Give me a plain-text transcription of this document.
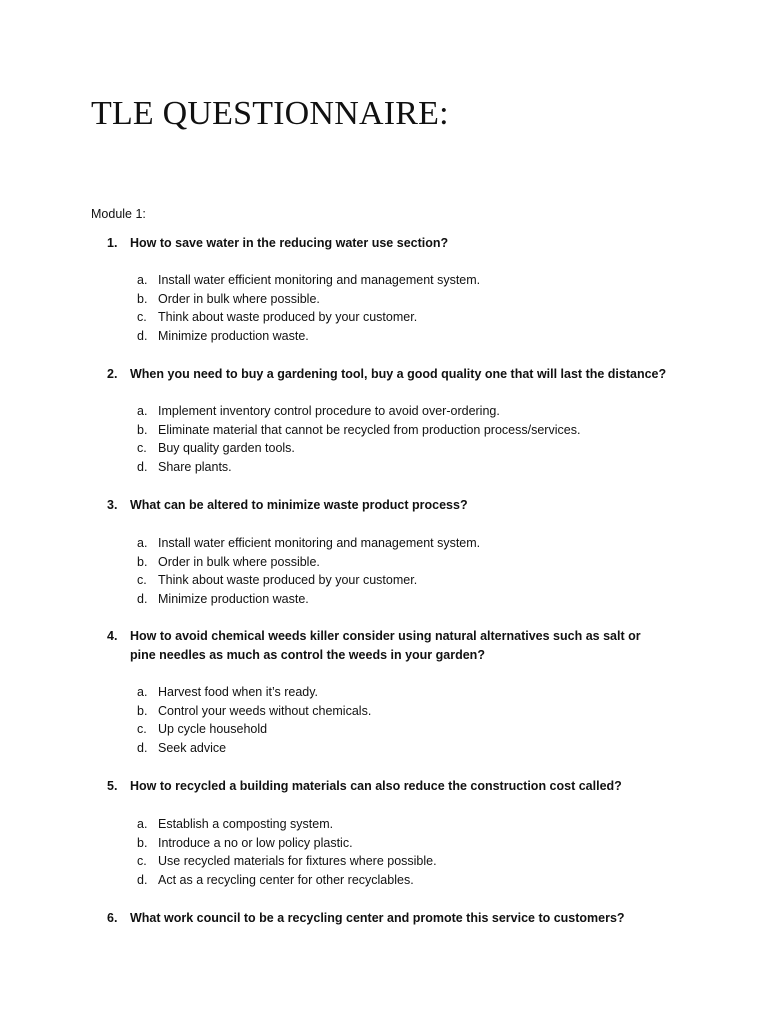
TLE QUESTIONNAIRE:
Module 1:
1.	How to save water in the reducing water use section?
a. Install water efficient monitoring and management system.
b. Order in bulk where possible.
c. Think about waste produced by your customer.
d. Minimize production waste.
2.	When you need to buy a gardening tool, buy a good quality one that will last the distance?
a. Implement inventory control procedure to avoid over-ordering.
b. Eliminate material that cannot be recycled from production process/services.
c. Buy quality garden tools.
d. Share plants.
3.	What can be altered to minimize waste product process?
a. Install water efficient monitoring and management system.
b. Order in bulk where possible.
c. Think about waste produced by your customer.
d. Minimize production waste.
4.	How to avoid chemical weeds killer consider using natural alternatives such as salt or pine needles as much as control the weeds in your garden?
a. Harvest food when it’s ready.
b. Control your weeds without chemicals.
c. Up cycle household
d. Seek advice
5.	How to recycled a building materials can also reduce the construction cost called?
a. Establish a composting system.
b. Introduce a no or low policy plastic.
c. Use recycled materials for fixtures where possible.
d. Act as a recycling center for other recyclables.
6.	What work council to be a recycling center and promote this service to customers?
